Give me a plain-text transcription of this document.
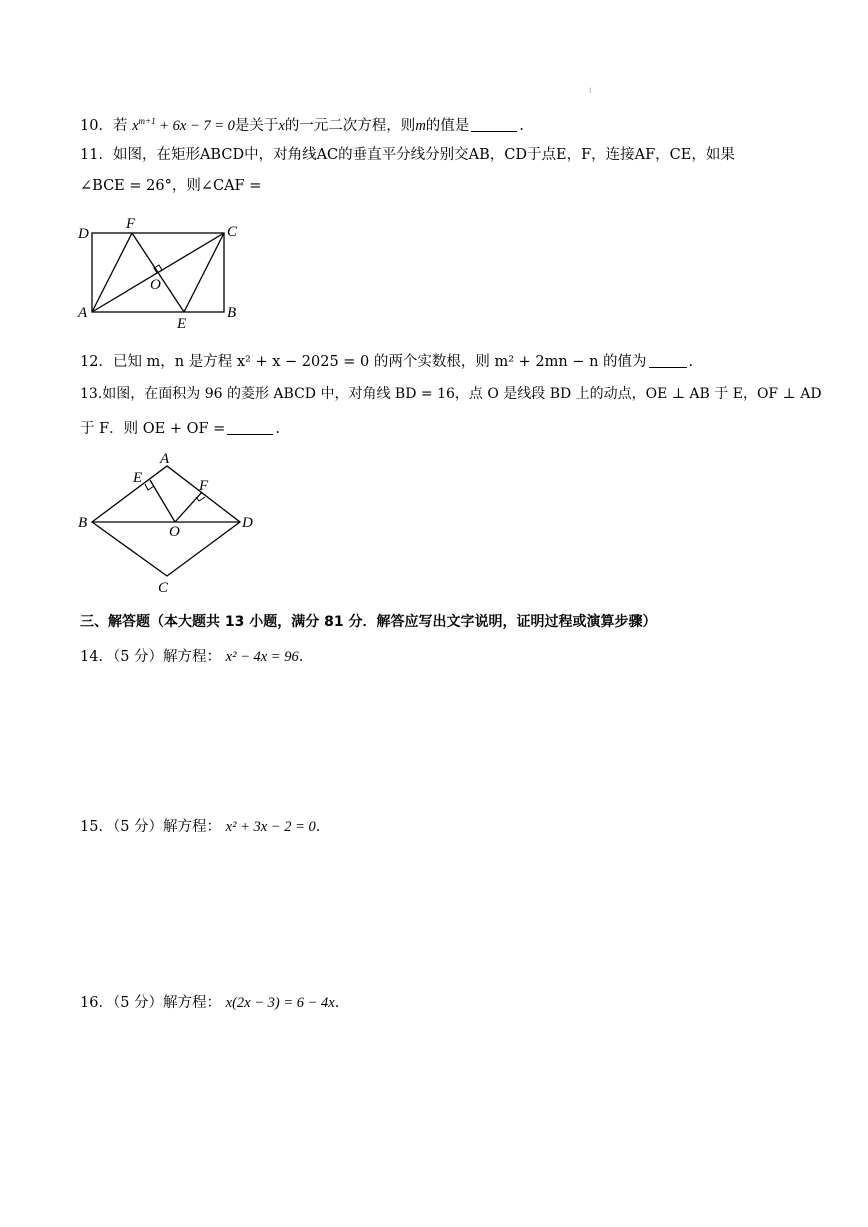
⁝
10．若 $x^{m+1} + 6x - 7 = 0$是关于x的一元二次方程，则m的值是	.
11．如图，在矩形ABCD中，对角线AC的垂直平分线分别交AB，CD于点E，F，连接AF，CE，如果
∠BCE = 26°，则∠CAF =
D
F	C
O
A
E
B
12．已知 m，n 是方程 x² + x − 2025 = 0 的两个实数根，则 m² + 2mn − n 的值为	.
13.如图，在面积为 96 的菱形 ABCD 中，对角线 BD = 16，点 O 是线段 BD 上的动点，OE ⊥ AB 于 E，OF ⊥ AD
于 F．则 OE + OF =	.
A
E	F
B
O
D
C
三、解答题（本大题共 13 小题，满分 81 分．解答应写出文字说明，证明过程或演算步骤）
14．（5 分）解方程： x² − 4x = 96.
15．（5 分）解方程： x² + 3x − 2 = 0.
16．（5 分）解方程： x(2x − 3) = 6 − 4x.
